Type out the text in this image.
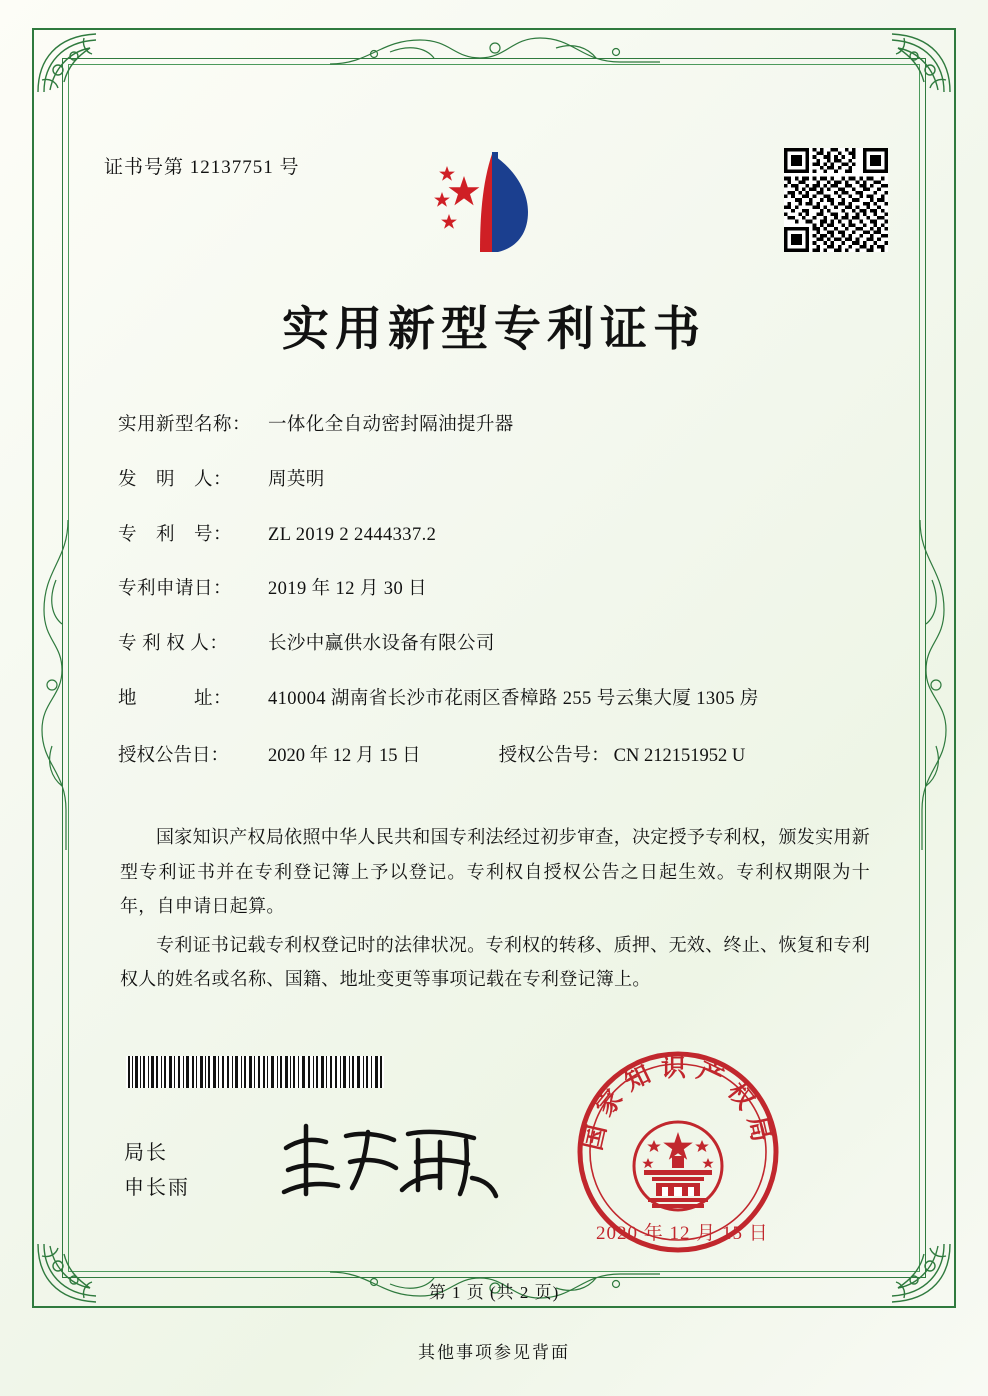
证书号第 12137751 号
实用新型专利证书
实用新型名称： 一体化全自动密封隔油提升器
发　明　人：	周英明
专　利　号：	ZL 2019 2 2444337.2
专利申请日：	2019 年 12 月 30 日
专 利 权 人：	长沙中赢供水设备有限公司
地　　　址：	410004 湖南省长沙市花雨区香樟路 255 号云集大厦 1305 房
授权公告日：	2020 年 12 月 15 日	授权公告号： CN 212151952 U

国家知识产权局依照中华人民共和国专利法经过初步审查，决定授予专利权，颁发实用新型专利证书并在专利登记簿上予以登记。专利权自授权公告之日起生效。专利权期限为十年，自申请日起算。

专利证书记载专利权登记时的法律状况。专利权的转移、质押、无效、终止、恢复和专利权人的姓名或名称、国籍、地址变更等事项记载在专利登记簿上。

局长
申长雨
国家知识产权局
2020 年 12 月 15 日
第 1 页 (共 2 页)
其他事项参见背面
